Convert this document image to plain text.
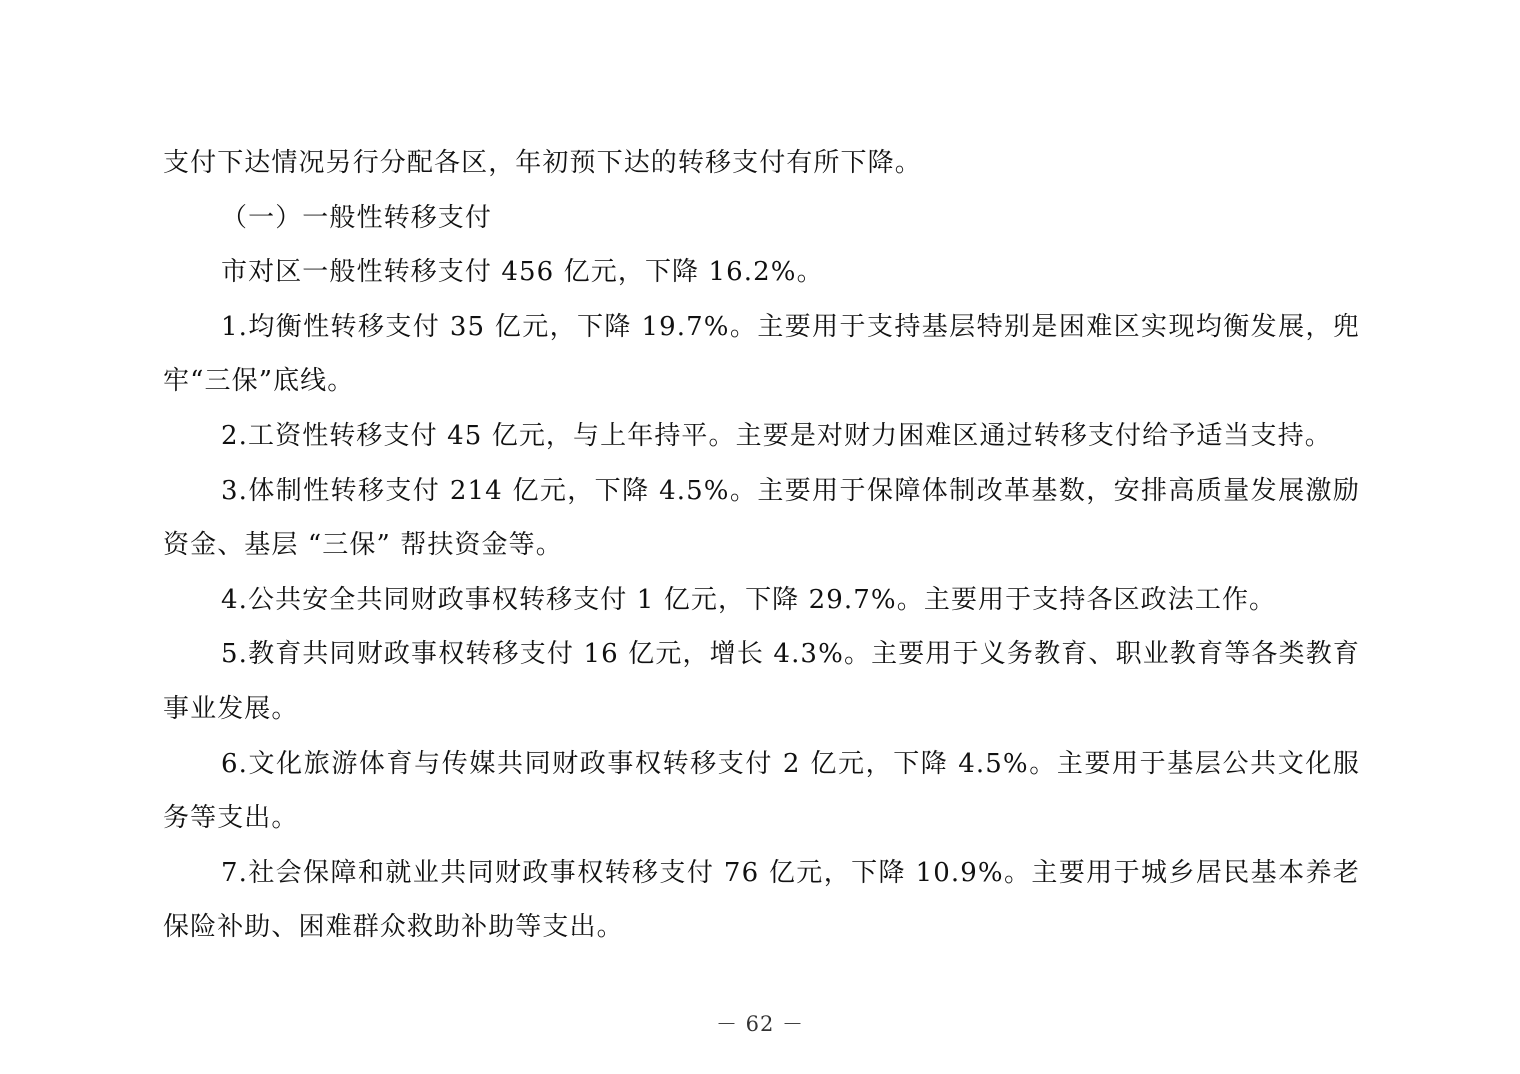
支付下达情况另行分配各区，年初预下达的转移支付有所下降。

（一）一般性转移支付

市对区一般性转移支付 456 亿元，下降 16.2%。

1.均衡性转移支付 35 亿元，下降 19.7%。主要用于支持基层特别是困难区实现均衡发展，兜牢“三保”底线。

2.工资性转移支付 45 亿元，与上年持平。主要是对财力困难区通过转移支付给予适当支持。

3.体制性转移支付 214 亿元，下降 4.5%。主要用于保障体制改革基数，安排高质量发展激励资金、基层 “三保” 帮扶资金等。

4.公共安全共同财政事权转移支付 1 亿元，下降 29.7%。主要用于支持各区政法工作。

5.教育共同财政事权转移支付 16 亿元，增长 4.3%。主要用于义务教育、职业教育等各类教育事业发展。

6.文化旅游体育与传媒共同财政事权转移支付 2 亿元，下降 4.5%。主要用于基层公共文化服务等支出。

7.社会保障和就业共同财政事权转移支付 76 亿元，下降 10.9%。主要用于城乡居民基本养老保险补助、困难群众救助补助等支出。

－ 62 －
